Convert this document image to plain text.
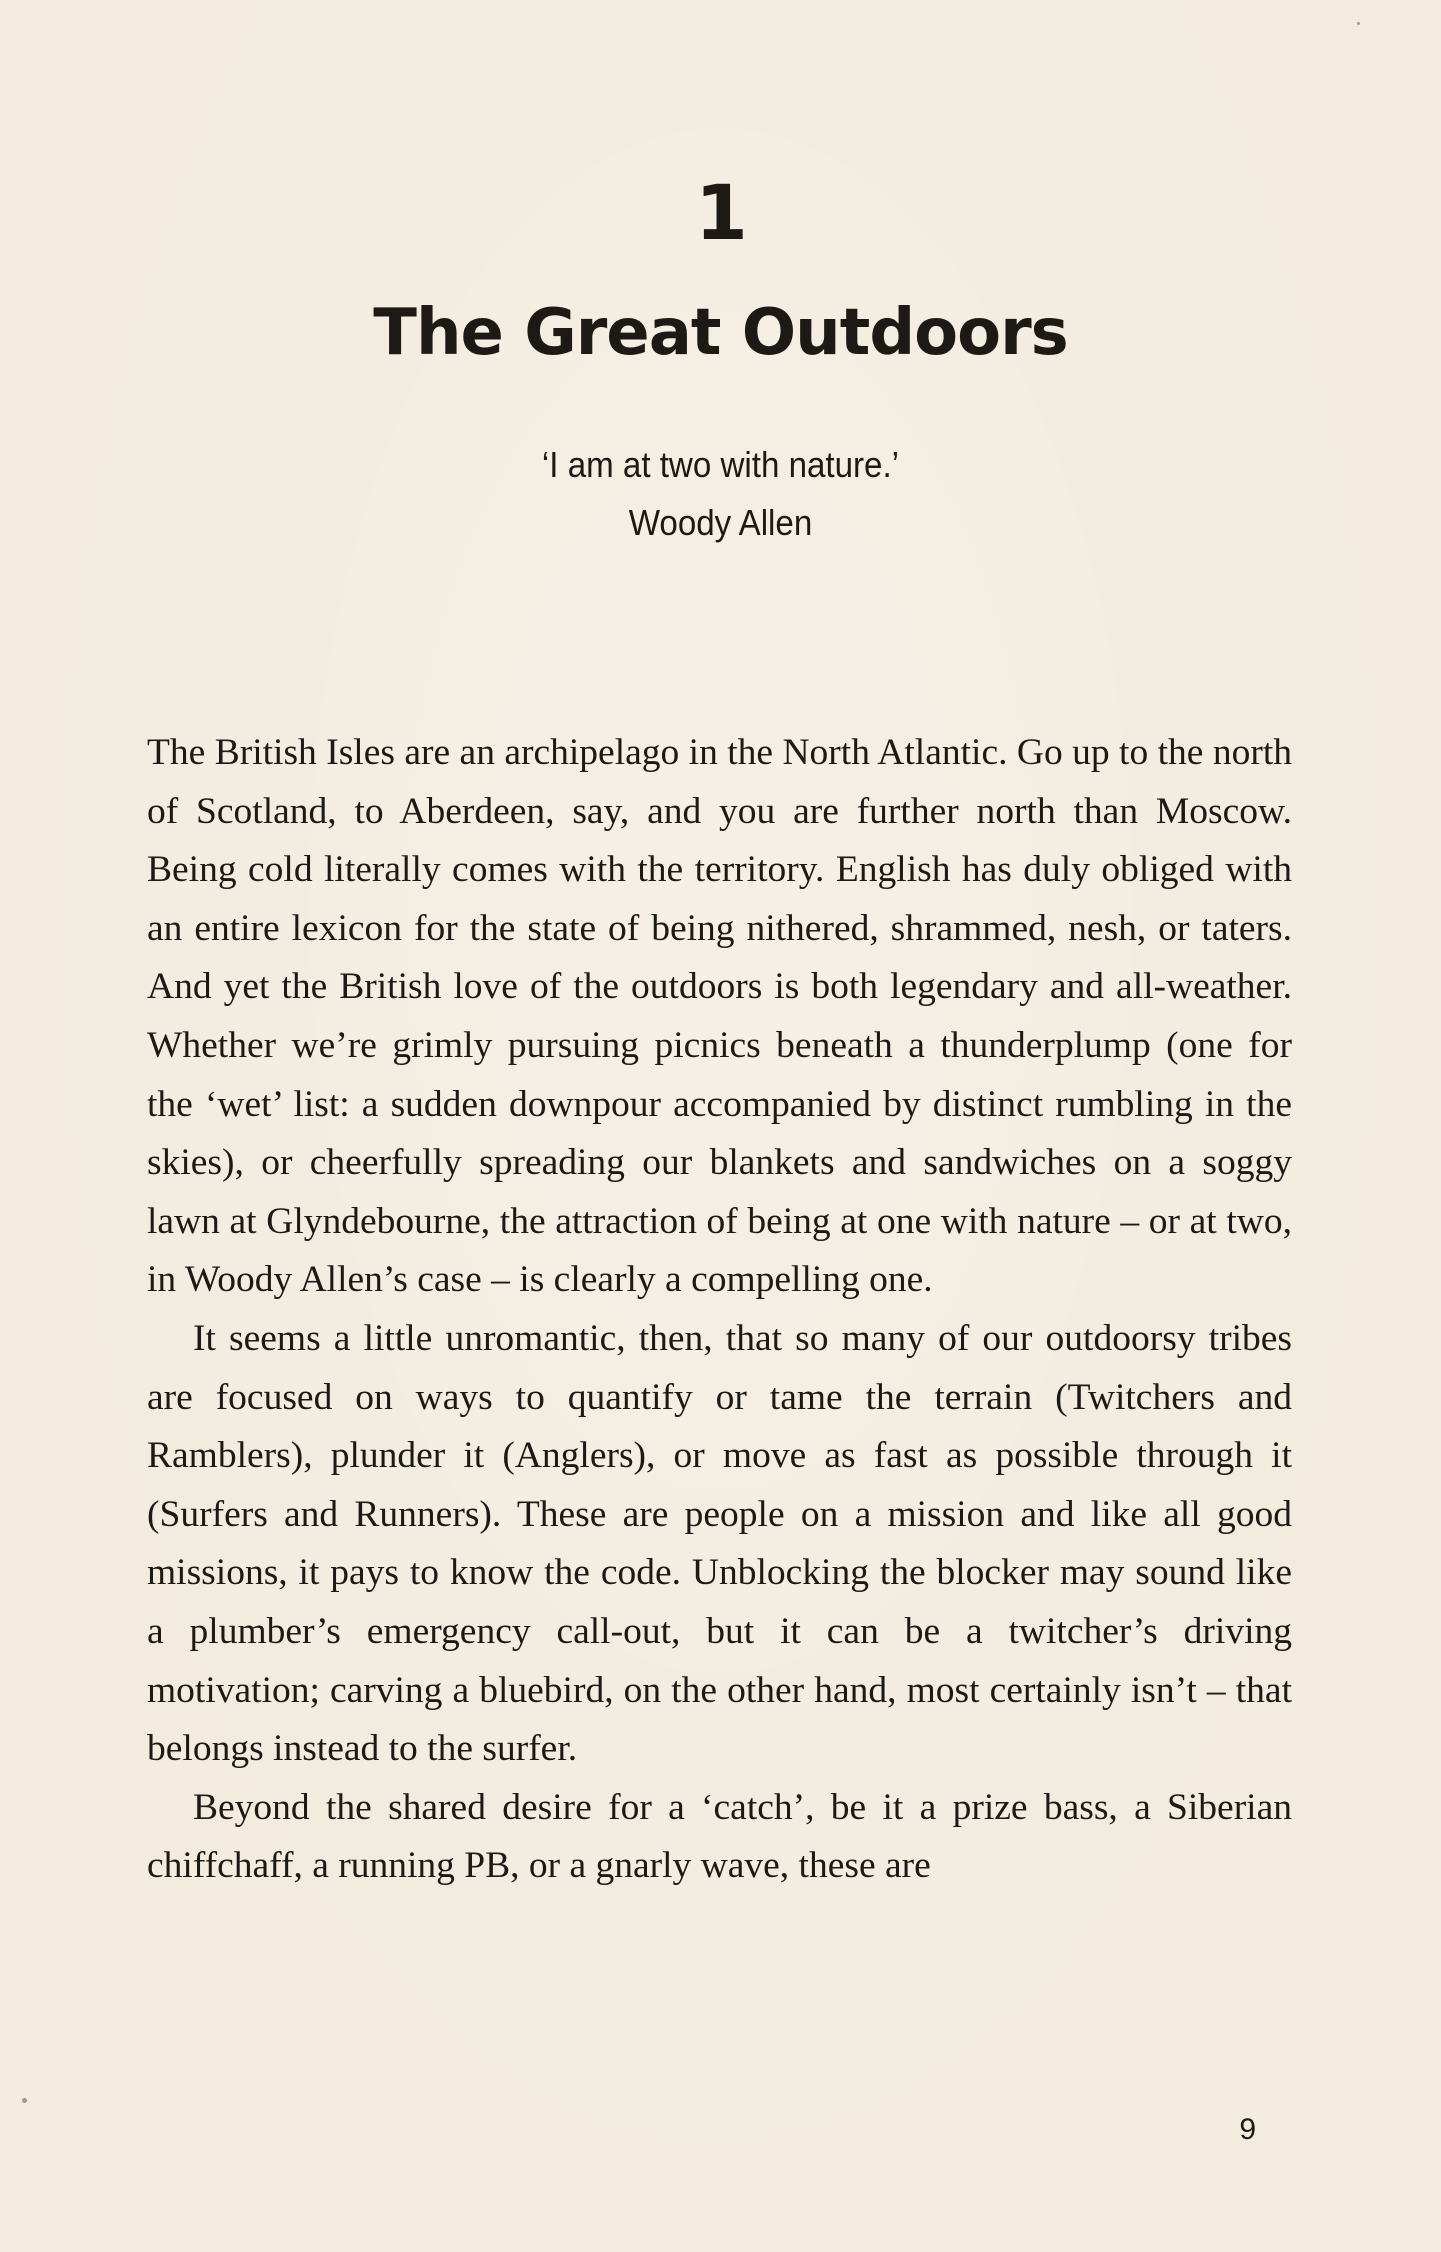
1
The Great Outdoors
‘I am at two with nature.’
Woody Allen

The British Isles are an archipelago in the North Atlantic. Go up to the north of Scotland, to Aberdeen, say, and you are further north than Moscow. Being cold literally comes with the territory. English has duly obliged with an entire lexicon for the state of being nithered, shrammed, nesh, or taters. And yet the British love of the outdoors is both legendary and all-weather. Whether we’re grimly pursuing picnics beneath a thunderplump (one for the ‘wet’ list: a sudden downpour accompanied by distinct rumbling in the skies), or cheerfully spreading our blankets and sandwiches on a soggy lawn at Glyndebourne, the attraction of being at one with nature – or at two, in Woody Allen’s case – is clearly a compelling one.

It seems a little unromantic, then, that so many of our outdoorsy tribes are focused on ways to quantify or tame the terrain (Twitchers and Ramblers), plunder it (Anglers), or move as fast as possible through it (Surfers and Runners). These are people on a mission and like all good missions, it pays to know the code. Unblocking the blocker may sound like a plumber’s emergency call-out, but it can be a twitcher’s driving motivation; carving a bluebird, on the other hand, most certainly isn’t – that belongs instead to the surfer.

Beyond the shared desire for a ‘catch’, be it a prize bass, a Siberian chiffchaff, a running PB, or a gnarly wave, these are

9
